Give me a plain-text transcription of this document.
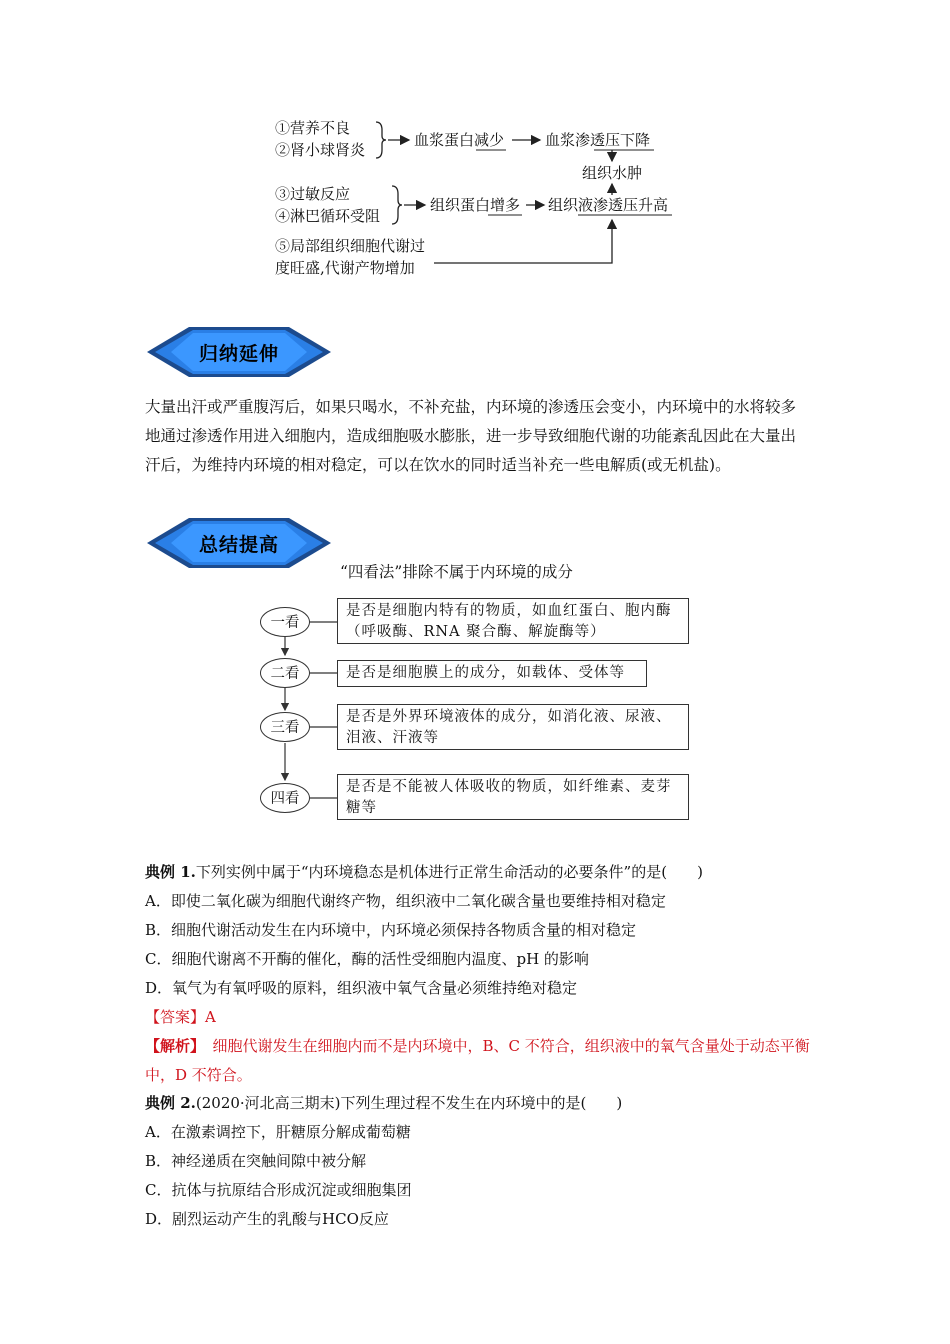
①营养不良
②肾小球肾炎
血浆蛋白减少	血浆渗透压下降
组织水肿
③过敏反应
④淋巴循环受阻
组织蛋白增多 组织液渗透压升高
⑤局部组织细胞代谢过
度旺盛,代谢产物增加
归纳延伸
大量出汗或严重腹泻后，如果只喝水，不补充盐，内环境的渗透压会变小，内环境中的水将较多地通过渗透作用进入细胞内，造成细胞吸水膨胀，进一步导致细胞代谢的功能紊乱因此在大量出汗后，为维持内环境的相对稳定，可以在饮水的同时适当补充一些电解质(或无机盐)。
总结提高
“四看法”排除不属于内环境的成分
一看
是否是细胞内特有的物质，如血红蛋白、胞内酶（呼吸酶、RNA 聚合酶、解旋酶等）
二看	是否是细胞膜上的成分，如载体、受体等
三看
是否是外界环境液体的成分，如消化液、尿液、泪液、汗液等
四看
是否是不能被人体吸收的物质，如纤维素、麦芽糖等
典例 1.下列实例中属于“内环境稳态是机体进行正常生命活动的必要条件”的是(　　)
A．即使二氧化碳为细胞代谢终产物，组织液中二氧化碳含量也要维持相对稳定
B．细胞代谢活动发生在内环境中，内环境必须保持各物质含量的相对稳定
C．细胞代谢离不开酶的催化，酶的活性受细胞内温度、pH 的影响
D．氧气为有氧呼吸的原料，组织液中氧气含量必须维持绝对稳定
【答案】A
【解析】　细胞代谢发生在细胞内而不是内环境中，B、C 不符合，组织液中的氧气含量处于动态平衡中，D 不符合。
典例 2.(2020·河北高三期末)下列生理过程不发生在内环境中的是(　　)
A．在激素调控下，肝糖原分解成葡萄糖
B．神经递质在突触间隙中被分解
C．抗体与抗原结合形成沉淀或细胞集团
D．剧烈运动产生的乳酸与HCO反应
